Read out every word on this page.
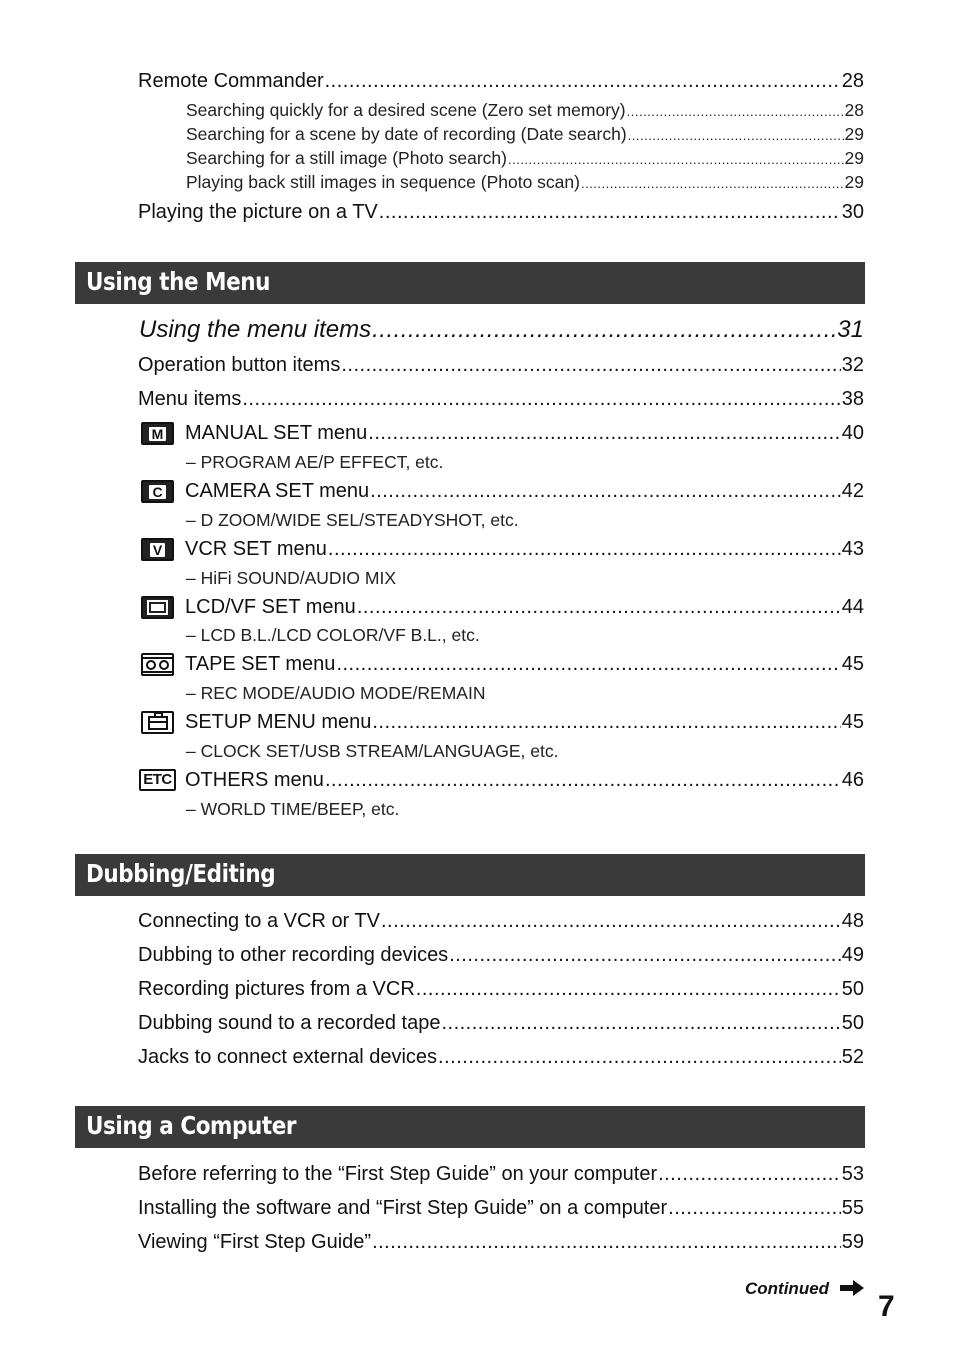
Remote Commander .....	28
Searching quickly for a desired scene (Zero set memory) .....	28
Searching for a scene by date of recording (Date search) .....	29
Searching for a still image (Photo search) .....	29
Playing back still images in sequence (Photo scan) .....	29
Playing the picture on a TV .....	30
Using the Menu
Using the menu items .....	31
Operation button items .....	32
Menu items .....	38
M MANUAL SET menu .....	40
– PROGRAM AE/P EFFECT, etc.
C CAMERA SET menu .....	42
– D ZOOM/WIDE SEL/STEADYSHOT, etc.
V VCR SET menu .....	43
– HiFi SOUND/AUDIO MIX
LCD/VF SET menu .....	44
– LCD B.L./LCD COLOR/VF B.L., etc.
TAPE SET menu .....	45
– REC MODE/AUDIO MODE/REMAIN
SETUP MENU menu .....	45
– CLOCK SET/USB STREAM/LANGUAGE, etc.
ETC OTHERS menu .....	46
– WORLD TIME/BEEP, etc.
Dubbing/Editing
Connecting to a VCR or TV .....	48
Dubbing to other recording devices .....	49
Recording pictures from a VCR .....	50
Dubbing sound to a recorded tape .....	50
Jacks to connect external devices .....	52
Using a Computer
Before referring to the “First Step Guide” on your computer .....	53
Installing the software and “First Step Guide” on a computer .....	55
Viewing “First Step Guide” .....	59
Continued
7
